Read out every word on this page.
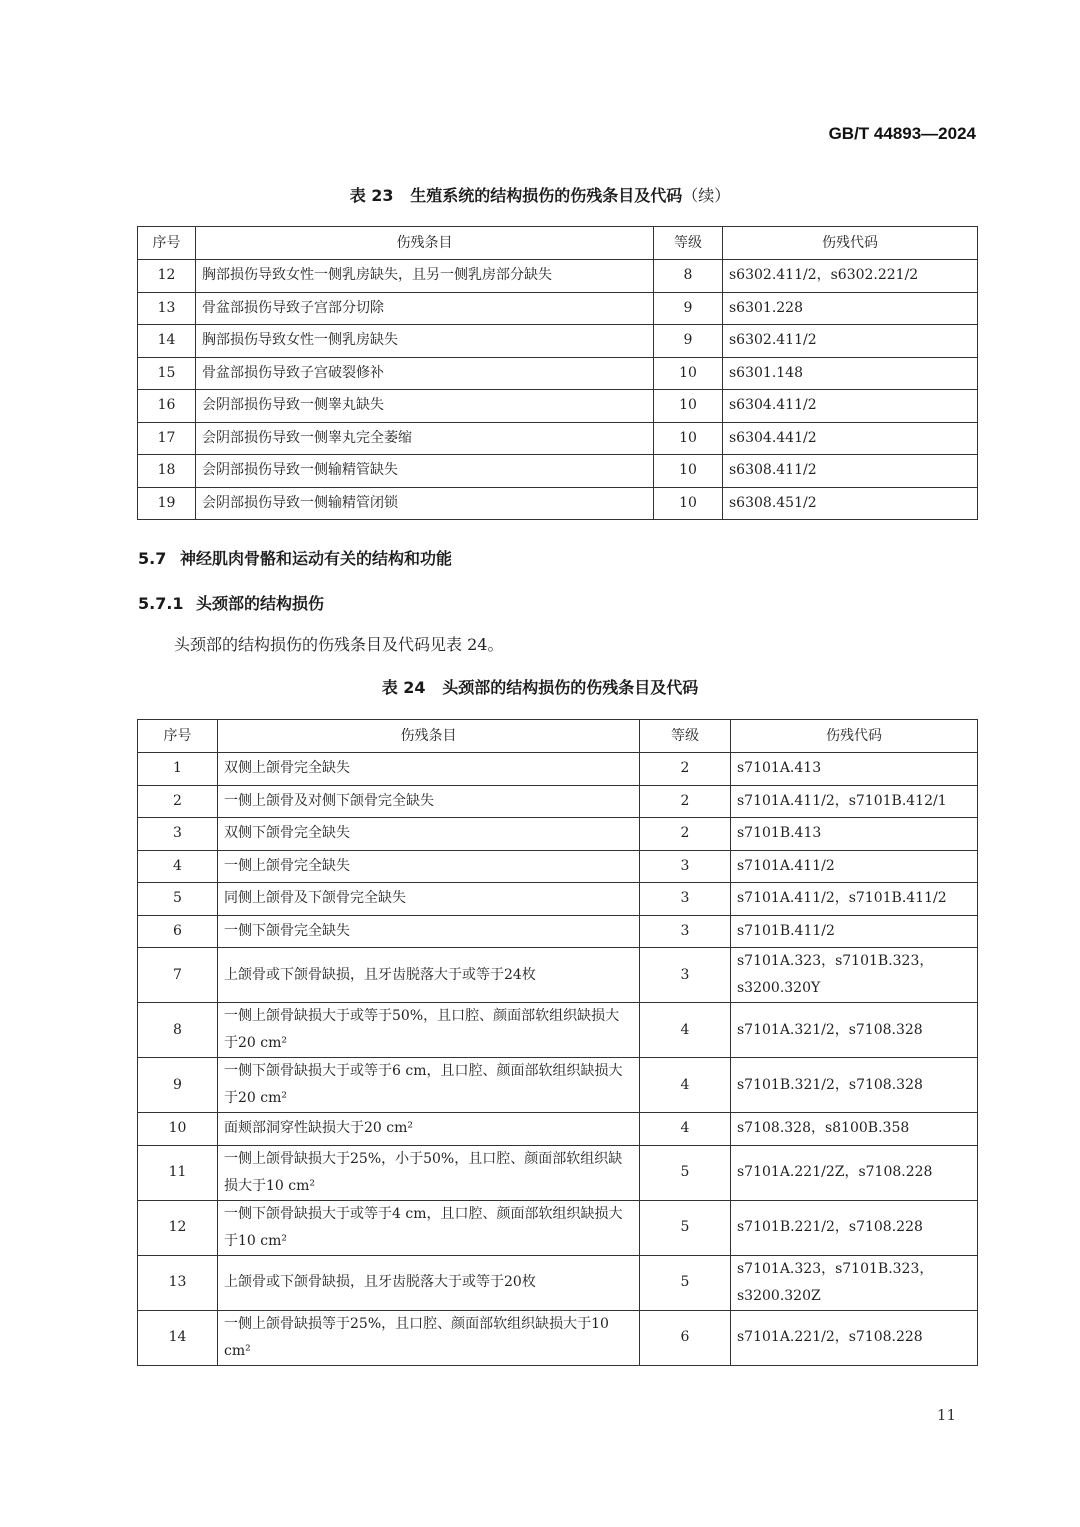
GB/T 44893—2024
表 23 生殖系统的结构损伤的伤残条目及代码（续）
序号	伤残条目	等级	伤残代码
12	胸部损伤导致女性一侧乳房缺失，且另一侧乳房部分缺失	8	s6302.411/2，s6302.221/2
13	骨盆部损伤导致子宫部分切除	9	s6301.228
14	胸部损伤导致女性一侧乳房缺失	9	s6302.411/2
15	骨盆部损伤导致子宫破裂修补	10	s6301.148
16	会阴部损伤导致一侧睾丸缺失	10	s6304.411/2
17	会阴部损伤导致一侧睾丸完全萎缩	10	s6304.441/2
18	会阴部损伤导致一侧输精管缺失	10	s6308.411/2
19	会阴部损伤导致一侧输精管闭锁	10	s6308.451/2
5.7 神经肌肉骨骼和运动有关的结构和功能
5.7.1 头颈部的结构损伤
头颈部的结构损伤的伤残条目及代码见表 24。
表 24 头颈部的结构损伤的伤残条目及代码
序号	伤残条目	等级	伤残代码
1	双侧上颌骨完全缺失	2	s7101A.413
2	一侧上颌骨及对侧下颌骨完全缺失	2	s7101A.411/2，s7101B.412/1
3	双侧下颌骨完全缺失	2	s7101B.413
4	一侧上颌骨完全缺失	3	s7101A.411/2
5	同侧上颌骨及下颌骨完全缺失	3	s7101A.411/2，s7101B.411/2
6	一侧下颌骨完全缺失	3	s7101B.411/2
7	上颌骨或下颌骨缺损，且牙齿脱落大于或等于24枚	3	s7101A.323，s7101B.323，s3200.320Y
8	一侧上颌骨缺损大于或等于50%，且口腔、颜面部软组织缺损大于20 cm²	4	s7101A.321/2，s7108.328
9	一侧下颌骨缺损大于或等于6 cm，且口腔、颜面部软组织缺损大于20 cm²	4	s7101B.321/2，s7108.328
10	面颊部洞穿性缺损大于20 cm²	4	s7108.328，s8100B.358
11	一侧上颌骨缺损大于25%，小于50%，且口腔、颜面部软组织缺损大于10 cm²	5	s7101A.221/2Z，s7108.228
12	一侧下颌骨缺损大于或等于4 cm，且口腔、颜面部软组织缺损大于10 cm²	5	s7101B.221/2，s7108.228
13	上颌骨或下颌骨缺损，且牙齿脱落大于或等于20枚	5	s7101A.323，s7101B.323，s3200.320Z
14	一侧上颌骨缺损等于25%，且口腔、颜面部软组织缺损大于10 cm²	6	s7101A.221/2，s7108.228
11
